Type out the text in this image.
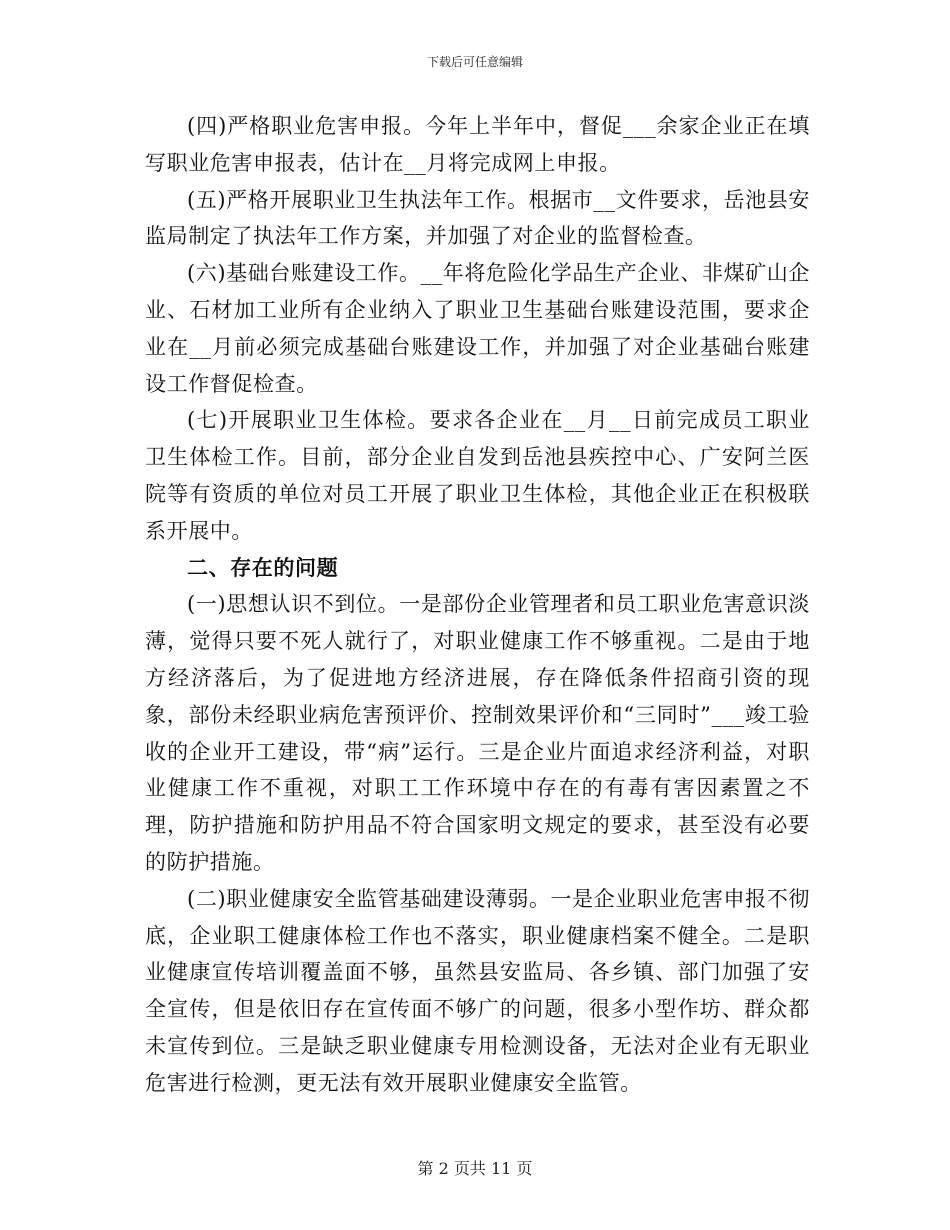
下载后可任意编辑

(四)严格职业危害申报。今年上半年中，督促___余家企业正在填写职业危害申报表，估计在__月将完成网上申报。

(五)严格开展职业卫生执法年工作。根据市__文件要求，岳池县安监局制定了执法年工作方案，并加强了对企业的监督检查。

(六)基础台账建设工作。__年将危险化学品生产企业、非煤矿山企业、石材加工业所有企业纳入了职业卫生基础台账建设范围，要求企业在__月前必须完成基础台账建设工作，并加强了对企业基础台账建设工作督促检查。

(七)开展职业卫生体检。要求各企业在__月__日前完成员工职业卫生体检工作。目前，部分企业自发到岳池县疾控中心、广安阿兰医院等有资质的单位对员工开展了职业卫生体检，其他企业正在积极联系开展中。

二、存在的问题

(一)思想认识不到位。一是部份企业管理者和员工职业危害意识淡薄，觉得只要不死人就行了，对职业健康工作不够重视。二是由于地方经济落后，为了促进地方经济进展，存在降低条件招商引资的现象，部份未经职业病危害预评价、控制效果评价和“三同时”___竣工验收的企业开工建设，带“病”运行。三是企业片面追求经济利益，对职业健康工作不重视，对职工工作环境中存在的有毒有害因素置之不理，防护措施和防护用品不符合国家明文规定的要求，甚至没有必要的防护措施。

(二)职业健康安全监管基础建设薄弱。一是企业职业危害申报不彻底，企业职工健康体检工作也不落实，职业健康档案不健全。二是职业健康宣传培训覆盖面不够，虽然县安监局、各乡镇、部门加强了安全宣传，但是依旧存在宣传面不够广的问题，很多小型作坊、群众都未宣传到位。三是缺乏职业健康专用检测设备，无法对企业有无职业危害进行检测，更无法有效开展职业健康安全监管。

第 2 页共 11 页
